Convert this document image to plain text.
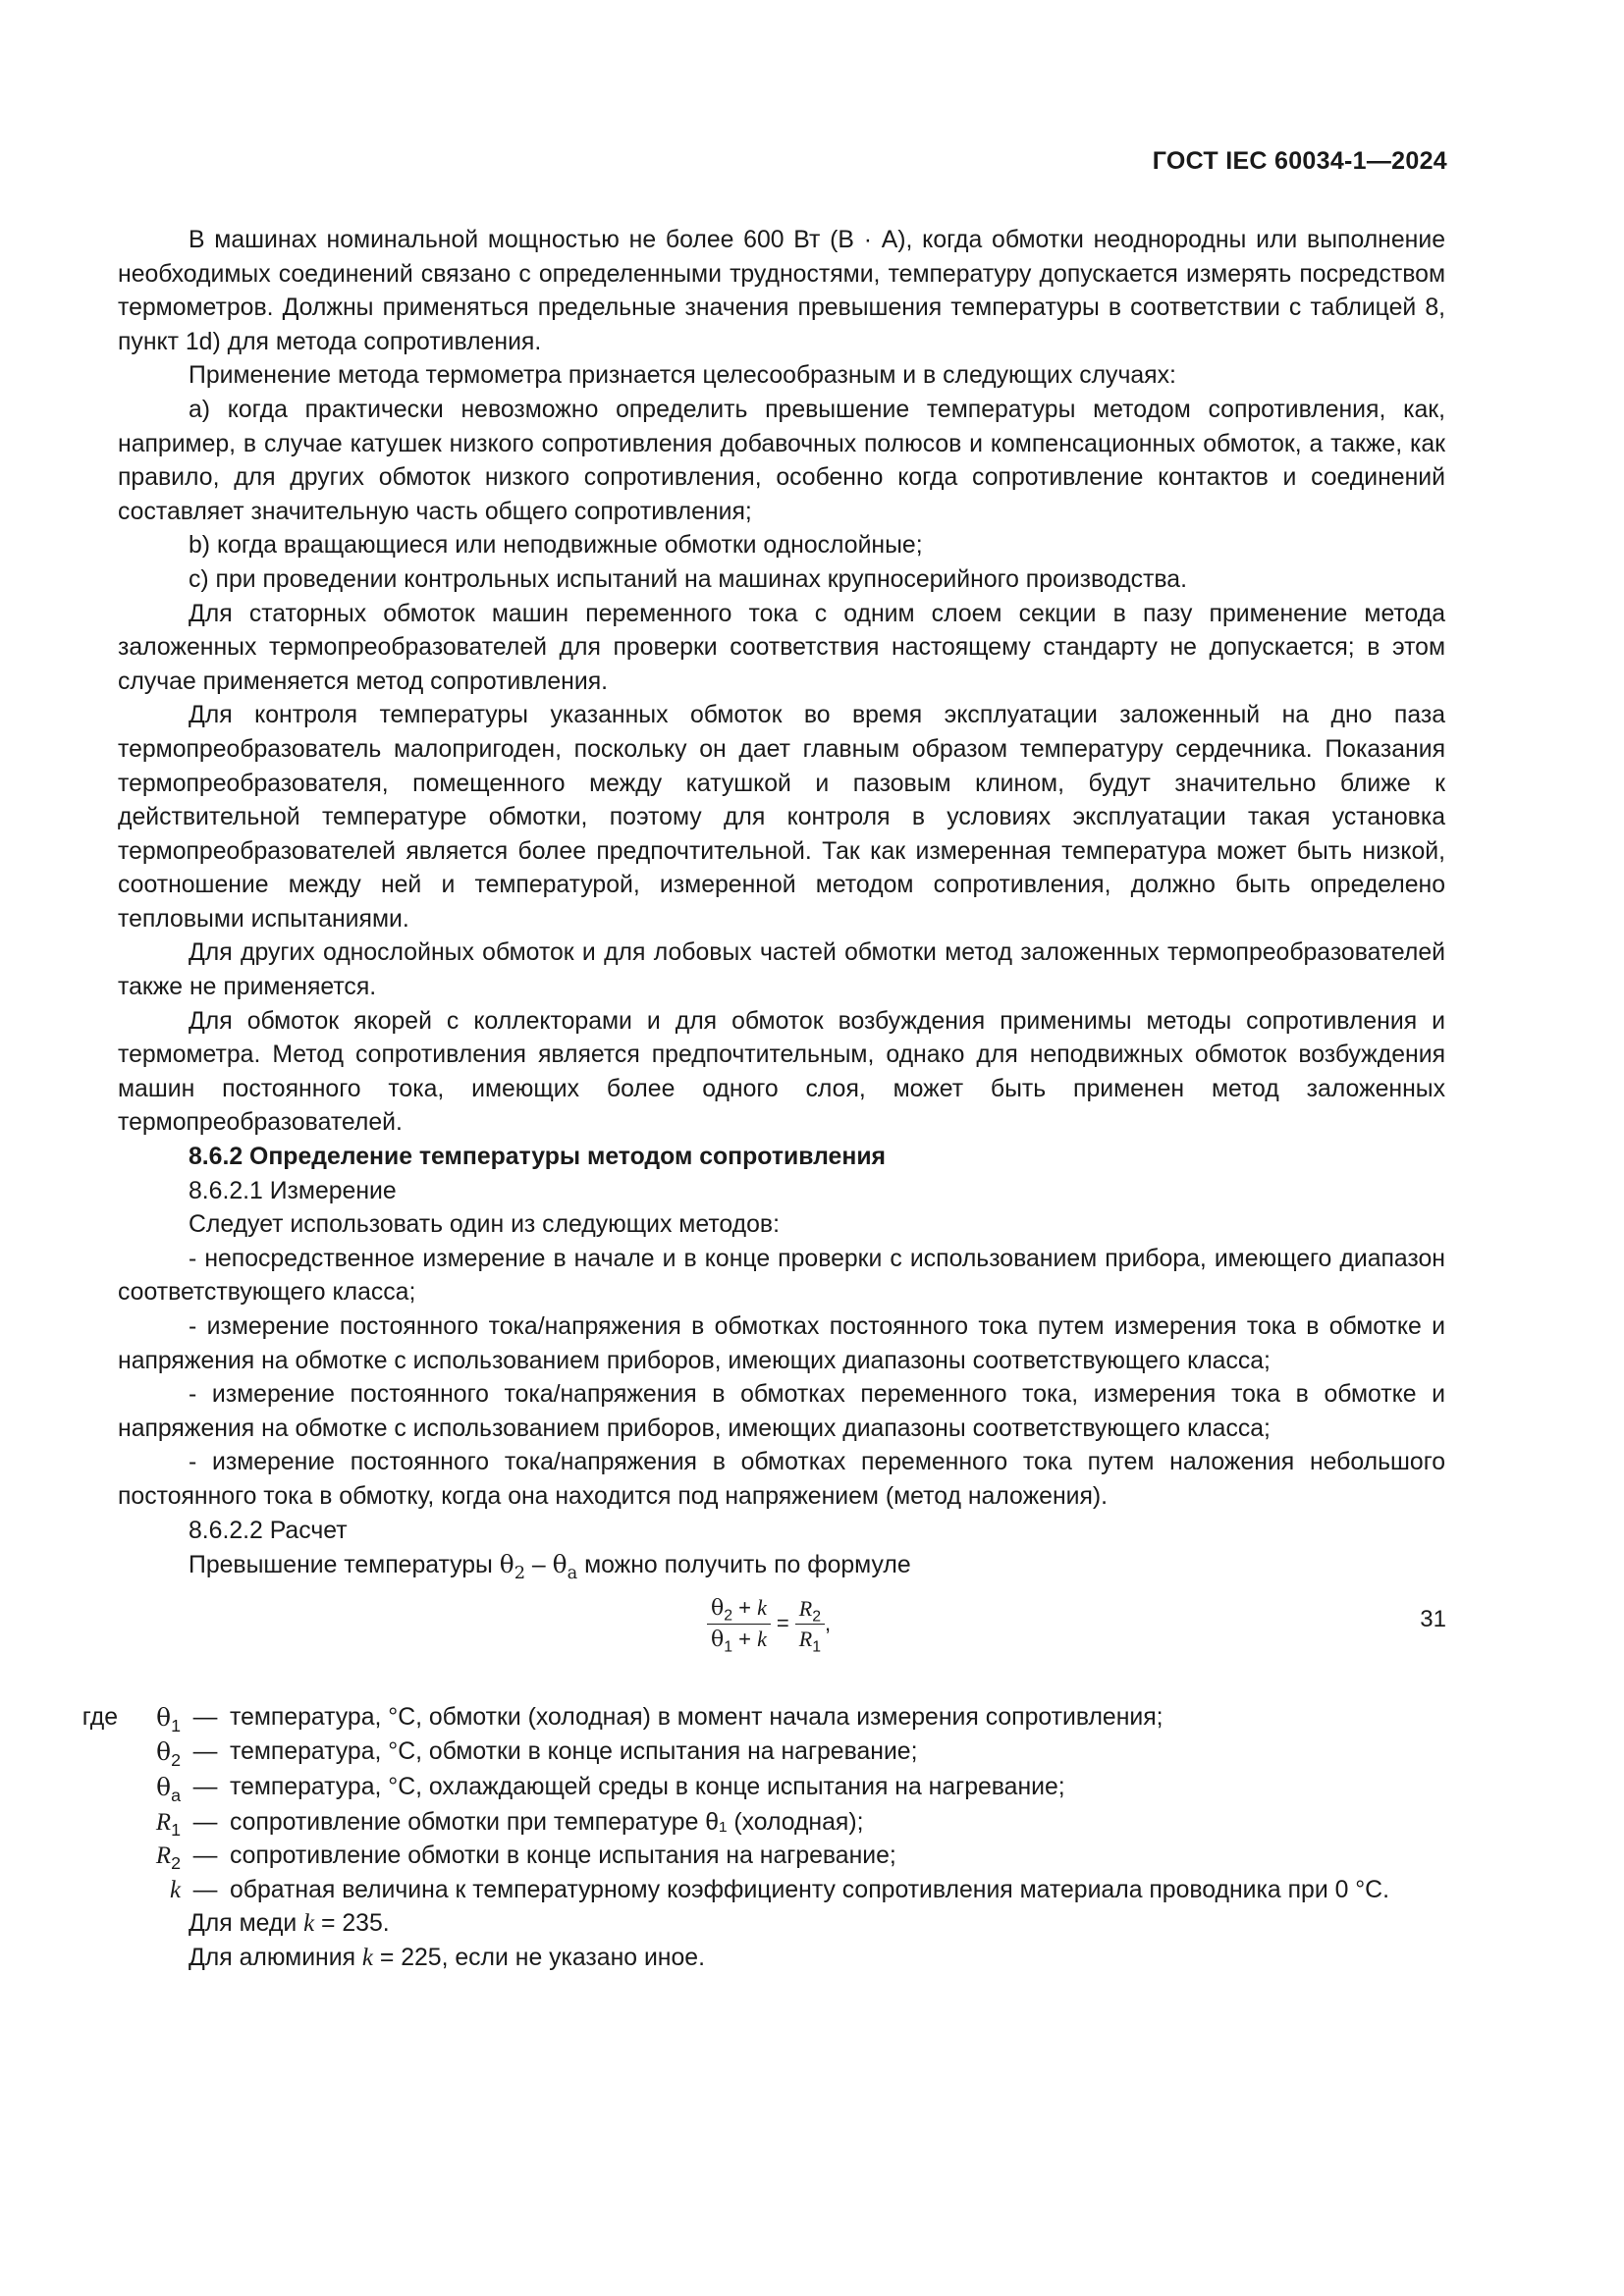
ГОСТ IEC 60034-1—2024

В машинах номинальной мощностью не более 600 Вт (В · А), когда обмотки неоднородны или выполнение необходимых соединений связано с определенными трудностями, температуру допускается измерять посредством термометров. Должны применяться предельные значения превышения температуры в соответствии с таблицей 8, пункт 1d) для метода сопротивления.

Применение метода термометра признается целесообразным и в следующих случаях:

a) когда практически невозможно определить превышение температуры методом сопротивления, как, например, в случае катушек низкого сопротивления добавочных полюсов и компенсационных обмоток, а также, как правило, для других обмоток низкого сопротивления, особенно когда сопротивление контактов и соединений составляет значительную часть общего сопротивления;

b) когда вращающиеся или неподвижные обмотки однослойные;

c) при проведении контрольных испытаний на машинах крупносерийного производства.

Для статорных обмоток машин переменного тока с одним слоем секции в пазу применение метода заложенных термопреобразователей для проверки соответствия настоящему стандарту не допускается; в этом случае применяется метод сопротивления.

Для контроля температуры указанных обмоток во время эксплуатации заложенный на дно паза термопреобразователь малопригоден, поскольку он дает главным образом температуру сердечника. Показания термопреобразователя, помещенного между катушкой и пазовым клином, будут значительно ближе к действительной температуре обмотки, поэтому для контроля в условиях эксплуатации такая установка термопреобразователей является более предпочтительной. Так как измеренная температура может быть низкой, соотношение между ней и температурой, измеренной методом сопротивления, должно быть определено тепловыми испытаниями.

Для других однослойных обмоток и для лобовых частей обмотки метод заложенных термопреобразователей также не применяется.

Для обмоток якорей с коллекторами и для обмоток возбуждения применимы методы сопротивления и термометра. Метод сопротивления является предпочтительным, однако для неподвижных обмоток возбуждения машин постоянного тока, имеющих более одного слоя, может быть применен метод заложенных термопреобразователей.

8.6.2 Определение температуры методом сопротивления

8.6.2.1 Измерение

Следует использовать один из следующих методов:

- непосредственное измерение в начале и в конце проверки с использованием прибора, имеющего диапазон соответствующего класса;

- измерение постоянного тока/напряжения в обмотках постоянного тока путем измерения тока в обмотке и напряжения на обмотке с использованием приборов, имеющих диапазоны соответствующего класса;

- измерение постоянного тока/напряжения в обмотках переменного тока, измерения тока в обмотке и напряжения на обмотке с использованием приборов, имеющих диапазоны соответствующего класса;

- измерение постоянного тока/напряжения в обмотках переменного тока путем наложения небольшого постоянного тока в обмотку, когда она находится под напряжением (метод наложения).

8.6.2.2 Расчет

Превышение температуры $\theta_2 - \theta_a$ можно получить по формуле

$\frac{\theta_2 + k}{\theta_1 + k} = \frac{R_2}{R_1}$ ,
где	$\theta_1$ — температура, °С, обмотки (холодная) в момент начала измерения сопротивления;
$\theta_2$ — температура, °С, обмотки в конце испытания на нагревание;
$\theta_a$ — температура, °С, охлаждающей среды в конце испытания на нагревание;
$R_1$ — сопротивление обмотки при температуре θ₁ (холодная);
$R_2$ — сопротивление обмотки в конце испытания на нагревание;
k — обратная величина к температурному коэффициенту сопротивления материала проводника при 0 °С.

Для меди k = 235.

Для алюминия k = 225, если не указано иное.

31
